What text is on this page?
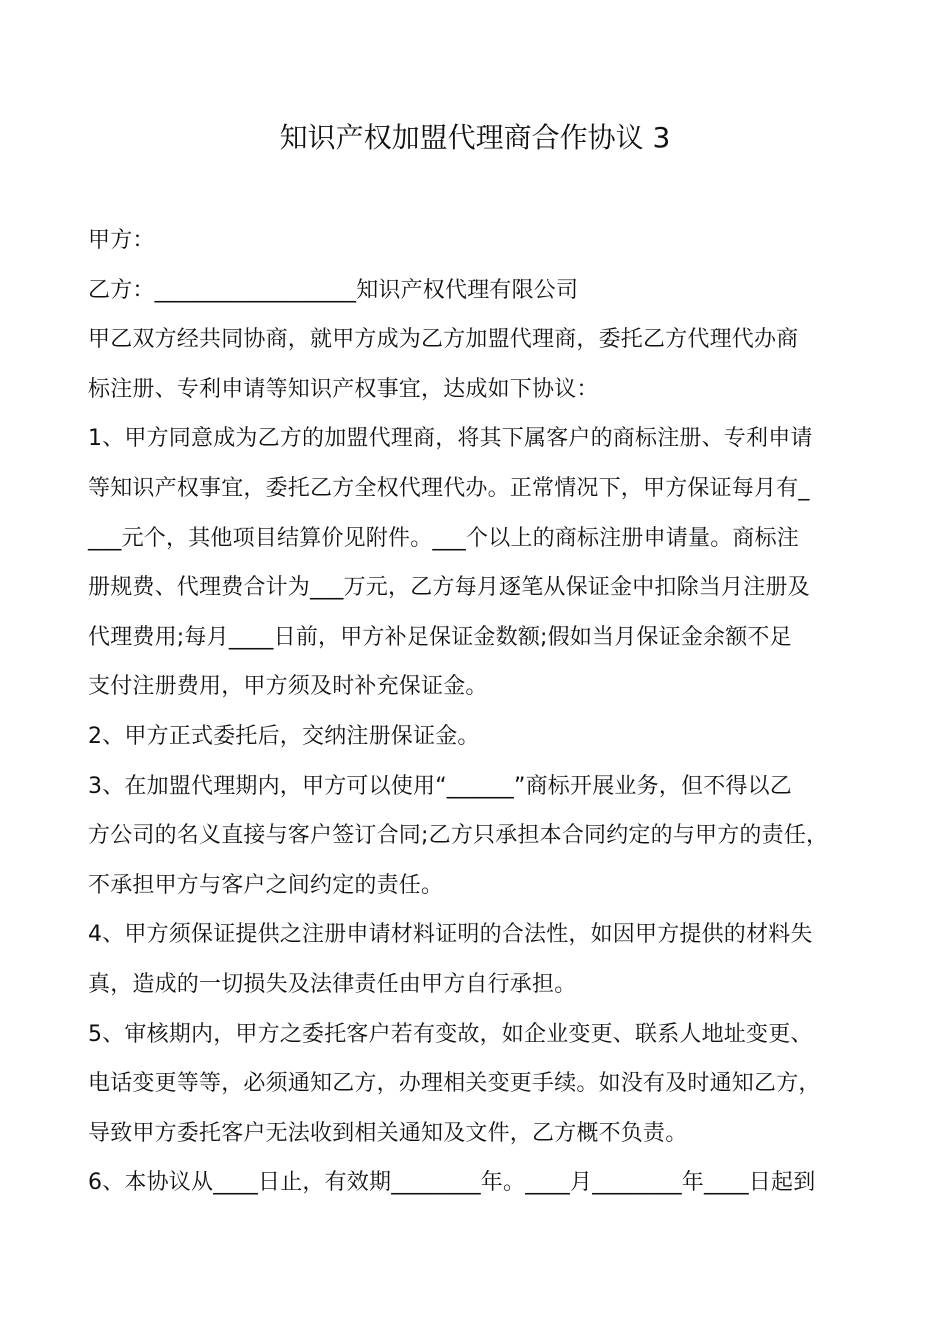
知识产权加盟代理商合作协议 3
甲方：
乙方：__________________知识产权代理有限公司
甲乙双方经共同协商，就甲方成为乙方加盟代理商，委托乙方代理代办商
标注册、专利申请等知识产权事宜，达成如下协议：
1、甲方同意成为乙方的加盟代理商，将其下属客户的商标注册、专利申请
等知识产权事宜，委托乙方全权代理代办。正常情况下，甲方保证每月有_
___元个，其他项目结算价见附件。___个以上的商标注册申请量。商标注
册规费、代理费合计为___万元，乙方每月逐笔从保证金中扣除当月注册及
代理费用;每月____日前，甲方补足保证金数额;假如当月保证金余额不足
支付注册费用，甲方须及时补充保证金。
2、甲方正式委托后，交纳注册保证金。
3、在加盟代理期内，甲方可以使用“______”商标开展业务，但不得以乙
方公司的名义直接与客户签订合同;乙方只承担本合同约定的与甲方的责任，
不承担甲方与客户之间约定的责任。
4、甲方须保证提供之注册申请材料证明的合法性，如因甲方提供的材料失
真，造成的一切损失及法律责任由甲方自行承担。
5、审核期内，甲方之委托客户若有变故，如企业变更、联系人地址变更、
电话变更等等，必须通知乙方，办理相关变更手续。如没有及时通知乙方，
导致甲方委托客户无法收到相关通知及文件，乙方概不负责。
6、本协议从____日止，有效期________年。____月________年____日起到
